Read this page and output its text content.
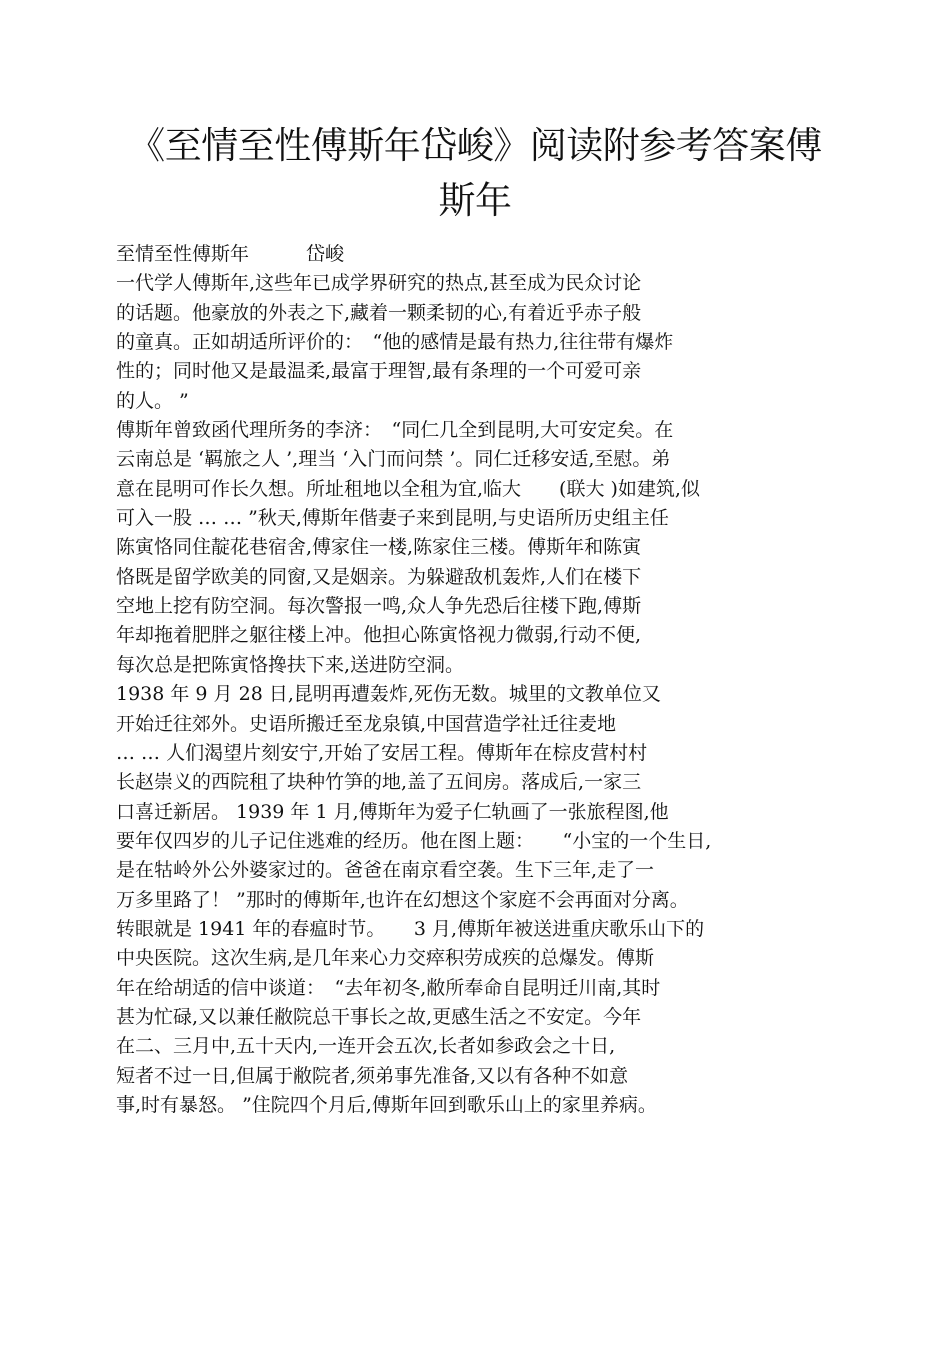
《至情至性傅斯年岱峻》阅读附参考答案傅
斯年
至情至性傅斯年　　　岱峻
一代学人傅斯年,这些年已成学界研究的热点,甚至成为民众讨论
的话题。他豪放的外表之下,藏着一颗柔韧的心,有着近乎赤子般
的童真。正如胡适所评价的：　“他的感情是最有热力,往往带有爆炸
性的；同时他又是最温柔,最富于理智,最有条理的一个可爱可亲
的人。 ”
傅斯年曾致函代理所务的李济：　“同仁几全到昆明,大可安定矣。在
云南总是 ‘羁旅之人 ’,理当 ‘入门而问禁 ’。同仁迁移安适,至慰。弟
意在昆明可作长久想。所址租地以全租为宜,临大　　(联大 )如建筑,似
可入一股 … … ”秋天,傅斯年偕妻子来到昆明,与史语所历史组主任
陈寅恪同住靛花巷宿舍,傅家住一楼,陈家住三楼。傅斯年和陈寅
恪既是留学欧美的同窗,又是姻亲。为躲避敌机轰炸,人们在楼下
空地上挖有防空洞。每次警报一鸣,众人争先恐后往楼下跑,傅斯
年却拖着肥胖之躯往楼上冲。他担心陈寅恪视力微弱,行动不便,
每次总是把陈寅恪搀扶下来,送进防空洞。
1938 年 9 月 28 日,昆明再遭轰炸,死伤无数。城里的文教单位又
开始迁往郊外。史语所搬迁至龙泉镇,中国营造学社迁往麦地
… … 人们渴望片刻安宁,开始了安居工程。傅斯年在棕皮营村村
长赵崇义的西院租了块种竹笋的地,盖了五间房。落成后,一家三
口喜迁新居。 1939 年 1 月,傅斯年为爱子仁轨画了一张旅程图,他
要年仅四岁的儿子记住逃难的经历。他在图上题：　　“小宝的一个生日,
是在牯岭外公外婆家过的。爸爸在南京看空袭。生下三年,走了一
万多里路了！ ”那时的傅斯年,也许在幻想这个家庭不会再面对分离。
转眼就是 1941 年的春瘟时节。　　3 月,傅斯年被送进重庆歌乐山下的
中央医院。这次生病,是几年来心力交瘁积劳成疾的总爆发。傅斯
年在给胡适的信中谈道：　“去年初冬,敝所奉命自昆明迁川南,其时
甚为忙碌,又以兼任敝院总干事长之故,更感生活之不安定。今年
在二、三月中,五十天内,一连开会五次,长者如参政会之十日,
短者不过一日,但属于敝院者,须弟事先准备,又以有各种不如意
事,时有暴怒。 ”住院四个月后,傅斯年回到歌乐山上的家里养病。
